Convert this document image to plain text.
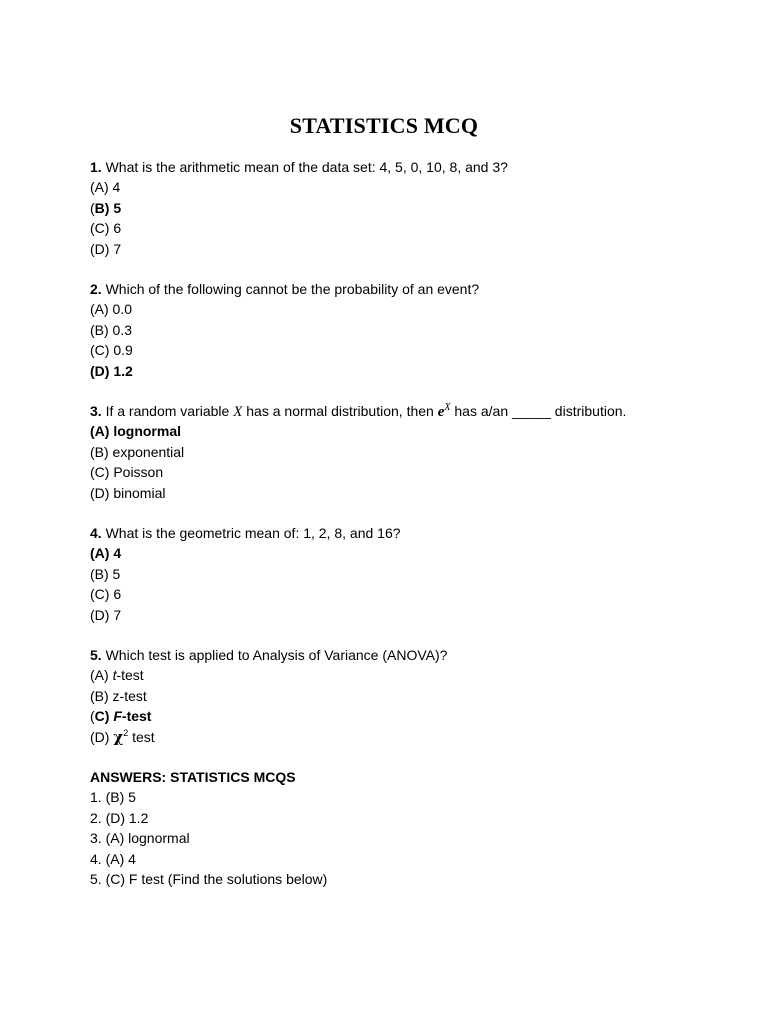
STATISTICS MCQ
1. What is the arithmetic mean of the data set: 4, 5, 0, 10, 8, and 3?
(A) 4
(B) 5
(C) 6
(D) 7
2. Which of the following cannot be the probability of an event?
(A) 0.0
(B) 0.3
(C) 0.9
(D) 1.2
3. If a random variable X has a normal distribution, then $e^X$ has a/an _____ distribution.
(A) lognormal
(B) exponential
(C) Poisson
(D) binomial
4. What is the geometric mean of: 1, 2, 8, and 16?
(A) 4
(B) 5
(C) 6
(D) 7
5. Which test is applied to Analysis of Variance (ANOVA)?
(A) t-test
(B) z-test
(C) F-test
(D) $\chi^2$ test
ANSWERS: STATISTICS MCQS
1. (B) 5
2. (D) 1.2
3. (A) lognormal
4. (A) 4
5. (C) F test (Find the solutions below)
